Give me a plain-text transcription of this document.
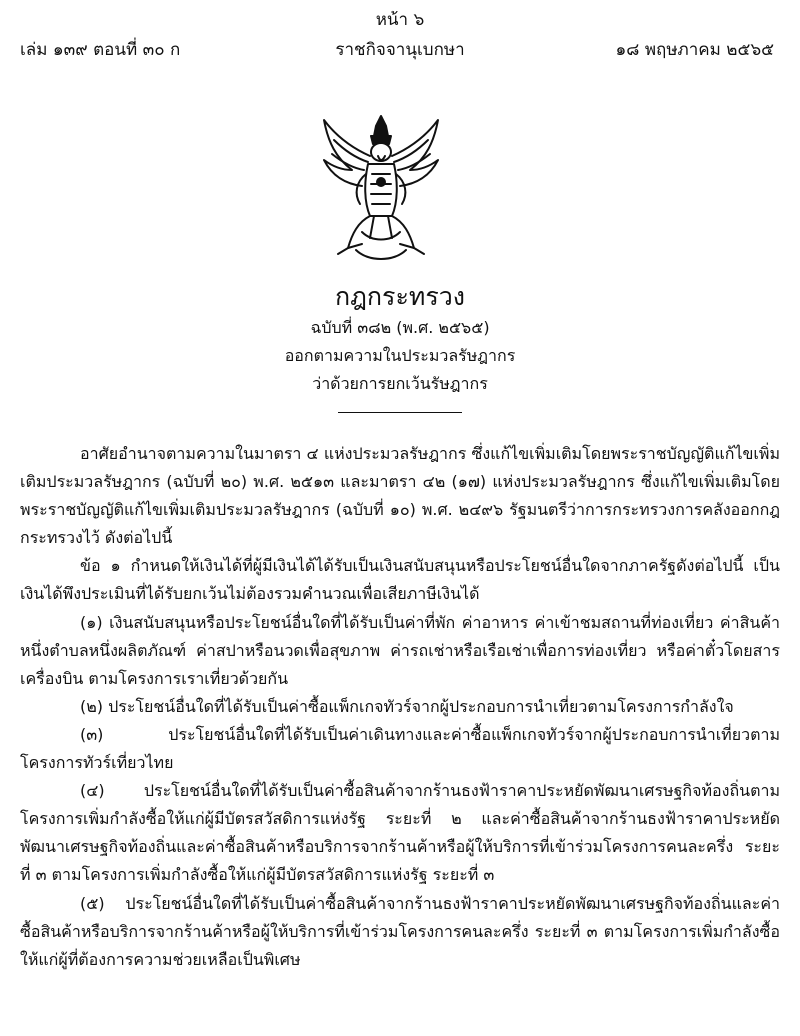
หน้า ๖
เล่ม ๑๓๙ ตอนที่ ๓๐ ก	ราชกิจจานุเบกษา	๑๘ พฤษภาคม ๒๕๖๕
กฎกระทรวง
ฉบับที่ ๓๘๒ (พ.ศ. ๒๕๖๕)
ออกตามความในประมวลรัษฎากร
ว่าด้วยการยกเว้นรัษฎากร

อาศัยอำนาจตามความในมาตรา ๔ แห่งประมวลรัษฎากร ซึ่งแก้ไขเพิ่มเติมโดยพระราชบัญญัติแก้ไขเพิ่มเติมประมวลรัษฎากร (ฉบับที่ ๒๐) พ.ศ. ๒๕๑๓ และมาตรา ๔๒ (๑๗) แห่งประมวลรัษฎากร ซึ่งแก้ไขเพิ่มเติมโดยพระราชบัญญัติแก้ไขเพิ่มเติมประมวลรัษฎากร (ฉบับที่ ๑๐) พ.ศ. ๒๔๙๖ รัฐมนตรีว่าการกระทรวงการคลังออกกฎกระทรวงไว้ ดังต่อไปนี้

ข้อ ๑ กำหนดให้เงินได้ที่ผู้มีเงินได้ได้รับเป็นเงินสนับสนุนหรือประโยชน์อื่นใดจากภาครัฐดังต่อไปนี้ เป็นเงินได้พึงประเมินที่ได้รับยกเว้นไม่ต้องรวมคำนวณเพื่อเสียภาษีเงินได้

(๑) เงินสนับสนุนหรือประโยชน์อื่นใดที่ได้รับเป็นค่าที่พัก ค่าอาหาร ค่าเข้าชมสถานที่ท่องเที่ยว ค่าสินค้าหนึ่งตำบลหนึ่งผลิตภัณฑ์ ค่าสปาหรือนวดเพื่อสุขภาพ ค่ารถเช่าหรือเรือเช่าเพื่อการท่องเที่ยว หรือค่าตั๋วโดยสารเครื่องบิน ตามโครงการเราเที่ยวด้วยกัน

(๒) ประโยชน์อื่นใดที่ได้รับเป็นค่าซื้อแพ็กเกจทัวร์จากผู้ประกอบการนำเที่ยวตามโครงการกำลังใจ

(๓) ประโยชน์อื่นใดที่ได้รับเป็นค่าเดินทางและค่าซื้อแพ็กเกจทัวร์จากผู้ประกอบการนำเที่ยวตามโครงการทัวร์เที่ยวไทย

(๔) ประโยชน์อื่นใดที่ได้รับเป็นค่าซื้อสินค้าจากร้านธงฟ้าราคาประหยัดพัฒนาเศรษฐกิจท้องถิ่นตามโครงการเพิ่มกำลังซื้อให้แก่ผู้มีบัตรสวัสดิการแห่งรัฐ ระยะที่ ๒ และค่าซื้อสินค้าจากร้านธงฟ้าราคาประหยัดพัฒนาเศรษฐกิจท้องถิ่นและค่าซื้อสินค้าหรือบริการจากร้านค้าหรือผู้ให้บริการที่เข้าร่วมโครงการคนละครึ่ง ระยะที่ ๓ ตามโครงการเพิ่มกำลังซื้อให้แก่ผู้มีบัตรสวัสดิการแห่งรัฐ ระยะที่ ๓

(๕) ประโยชน์อื่นใดที่ได้รับเป็นค่าซื้อสินค้าจากร้านธงฟ้าราคาประหยัดพัฒนาเศรษฐกิจท้องถิ่นและค่าซื้อสินค้าหรือบริการจากร้านค้าหรือผู้ให้บริการที่เข้าร่วมโครงการคนละครึ่ง ระยะที่ ๓ ตามโครงการเพิ่มกำลังซื้อให้แก่ผู้ที่ต้องการความช่วยเหลือเป็นพิเศษ
